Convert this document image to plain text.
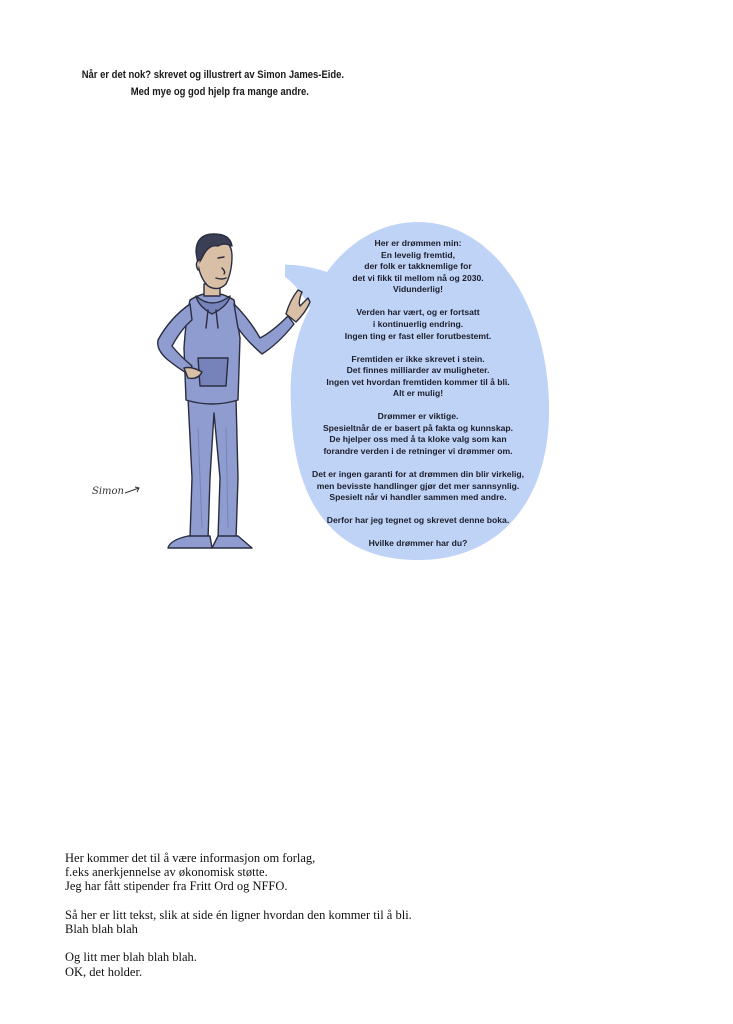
Når er det nok? skrevet og illustrert av Simon James-Eide.
Med mye og god hjelp fra mange andre.

Her er drømmen min:
En levelig fremtid,
der folk er takknemlige for
det vi fikk til mellom nå og 2030.
Vidunderlig!

Verden har vært, og er fortsatt
i kontinuerlig endring.
Ingen ting er fast eller forutbestemt.

Fremtiden er ikke skrevet i stein.
Det finnes milliarder av muligheter.
Ingen vet hvordan fremtiden kommer til å bli.
Alt er mulig!

Drømmer er viktige.
Spesieltnår de er basert på fakta og kunnskap.
De hjelper oss med å ta kloke valg som kan
forandre verden i de retninger vi drømmer om.

Det er ingen garanti for at drømmen din blir virkelig,
men bevisste handlinger gjør det mer sannsynlig.
Spesielt når vi handler sammen med andre.

Derfor har jeg tegnet og skrevet denne boka.

Hvilke drømmer har du?

Simon

Her kommer det til å være informasjon om forlag,
f.eks anerkjennelse av økonomisk støtte.
Jeg har fått stipender fra Fritt Ord og NFFO.

Så her er litt tekst, slik at side én ligner hvordan den kommer til å bli.
Blah blah blah

Og litt mer blah blah blah.
OK, det holder.
